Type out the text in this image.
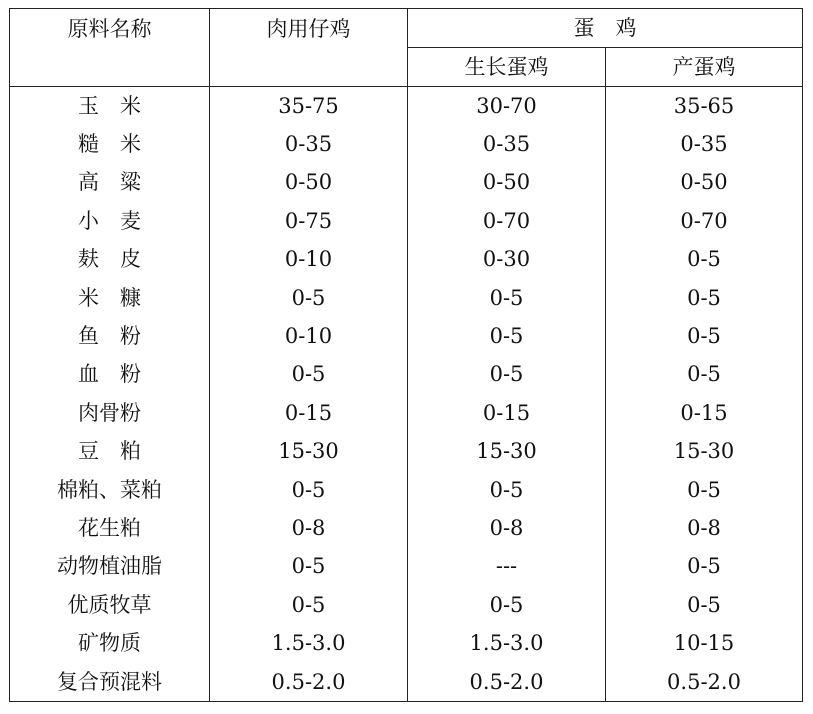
原料名称	肉用仔鸡	蛋　鸡	
		生长蛋鸡	产蛋鸡
玉　米	35-75	30-70	35-65
糙　米	0-35	0-35	0-35
高　粱	0-50	0-50	0-50
小　麦	0-75	0-70	0-70
麸　皮	0-10	0-30	0-5
米　糠	0-5	0-5	0-5
鱼　粉	0-10	0-5	0-5
血　粉	0-5	0-5	0-5
肉骨粉	0-15	0-15	0-15
豆　粕	15-30	15-30	15-30
棉粕、菜粕	0-5	0-5	0-5
花生粕	0-8	0-8	0-8
动物植油脂	0-5	---	0-5
优质牧草	0-5	0-5	0-5
矿物质	1.5-3.0	1.5-3.0	10-15
复合预混料	0.5-2.0	0.5-2.0	0.5-2.0
